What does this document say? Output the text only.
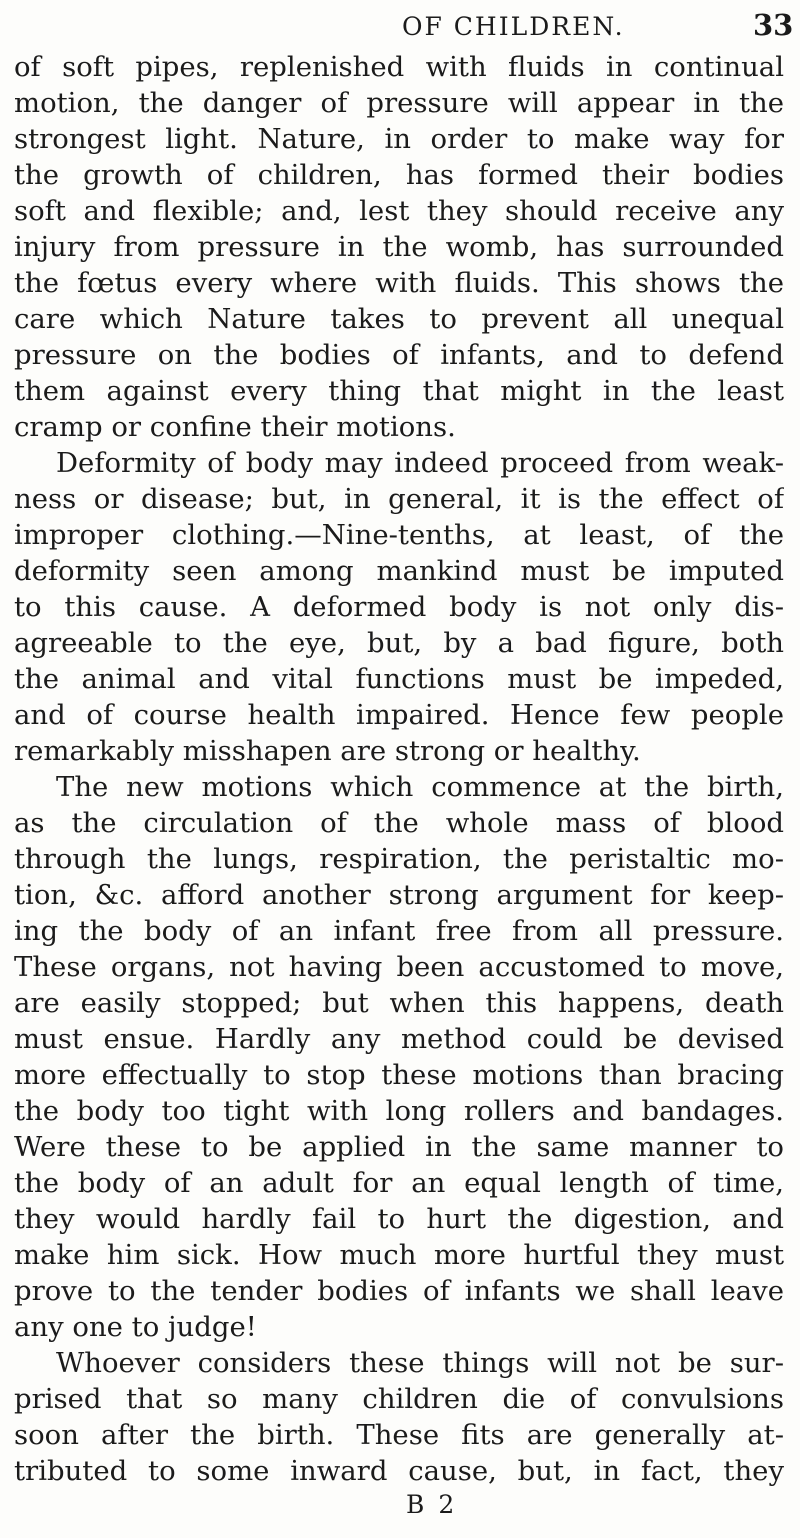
OF CHILDREN.	33
of soft pipes, replenished with fluids in continual
motion, the danger of pressure will appear in the
strongest light. Nature, in order to make way for
the growth of children, has formed their bodies
soft and flexible; and, lest they should receive any
injury from pressure in the womb, has surrounded
the fœtus every where with fluids. This shows the
care which Nature takes to prevent all unequal
pressure on the bodies of infants, and to defend
them against every thing that might in the least
cramp or confine their motions.
Deformity of body may indeed proceed from weak-
ness or disease; but, in general, it is the effect of
improper clothing.—Nine-tenths, at least, of the
deformity seen among mankind must be imputed
to this cause. A deformed body is not only dis-
agreeable to the eye, but, by a bad figure, both
the animal and vital functions must be impeded,
and of course health impaired. Hence few people
remarkably misshapen are strong or healthy.
The new motions which commence at the birth,
as the circulation of the whole mass of blood
through the lungs, respiration, the peristaltic mo-
tion, &c. afford another strong argument for keep-
ing the body of an infant free from all pressure.
These organs, not having been accustomed to move,
are easily stopped; but when this happens, death
must ensue. Hardly any method could be devised
more effectually to stop these motions than bracing
the body too tight with long rollers and bandages.
Were these to be applied in the same manner to
the body of an adult for an equal length of time,
they would hardly fail to hurt the digestion, and
make him sick. How much more hurtful they must
prove to the tender bodies of infants we shall leave
any one to judge!
Whoever considers these things will not be sur-
prised that so many children die of convulsions
soon after the birth. These fits are generally at-
tributed to some inward cause, but, in fact, they
B 2
